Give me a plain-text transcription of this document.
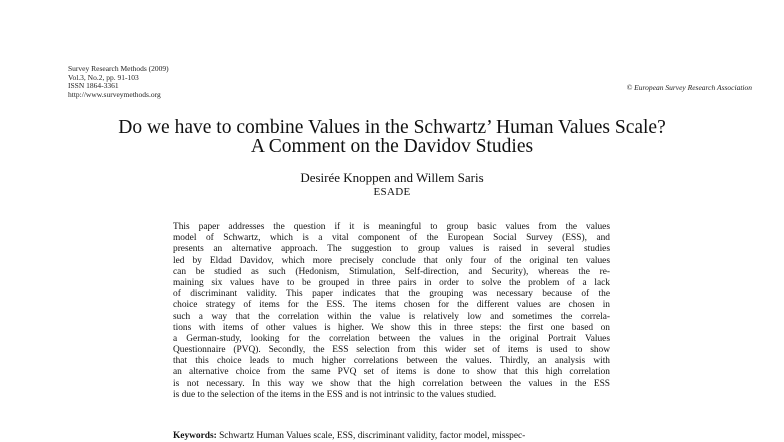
Survey Research Methods (2009)
Vol.3, No.2, pp. 91-103
ISSN 1864-3361
http://www.surveymethods.org
© European Survey Research Association
Do we have to combine Values in the Schwartz’ Human Values Scale?
A Comment on the Davidov Studies
Desirée Knoppen and Willem Saris
ESADE
This paper addresses the question if it is meaningful to group basic values from the values
model of Schwartz, which is a vital component of the European Social Survey (ESS), and
presents an alternative approach. The suggestion to group values is raised in several studies
led by Eldad Davidov, which more precisely conclude that only four of the original ten values
can be studied as such (Hedonism, Stimulation, Self-direction, and Security), whereas the re-
maining six values have to be grouped in three pairs in order to solve the problem of a lack
of discriminant validity. This paper indicates that the grouping was necessary because of the
choice strategy of items for the ESS. The items chosen for the different values are chosen in
such a way that the correlation within the value is relatively low and sometimes the correla-
tions with items of other values is higher. We show this in three steps: the first one based on
a German-study, looking for the correlation between the values in the original Portrait Values
Questionnaire (PVQ). Secondly, the ESS selection from this wider set of items is used to show
that this choice leads to much higher correlations between the values. Thirdly, an analysis with
an alternative choice from the same PVQ set of items is done to show that this high correlation
is not necessary. In this way we show that the high correlation between the values in the ESS
is due to the selection of the items in the ESS and is not intrinsic to the values studied.
Keywords: Schwartz Human Values scale, ESS, discriminant validity, factor model, misspec-
